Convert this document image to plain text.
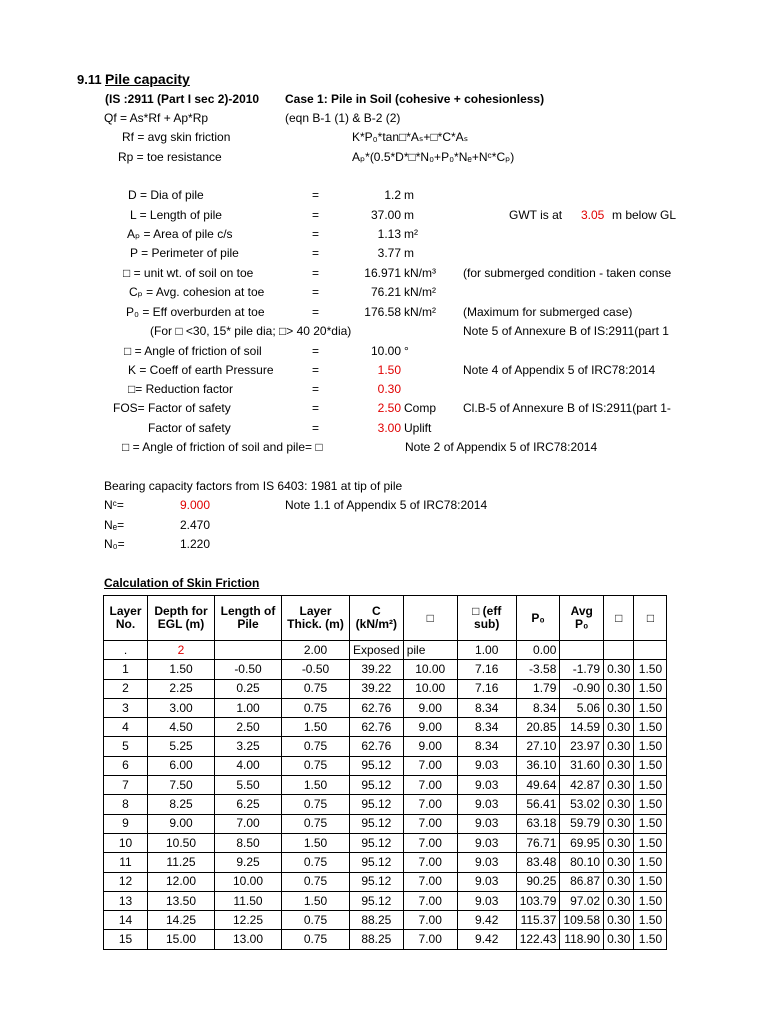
9.11 Pile capacity
(IS :2911 (Part I sec 2)-2010 Case 1: Pile in Soil (cohesive + cohesionless)
Qf = As*Rf + Ap*Rp	(eqn B-1 (1) & B-2 (2)
Rf = avg skin friction	K*P₀*tan□*Aₛ+□*C*Aₛ
Rp = toe resistance	Aₚ*(0.5*D*□*N₀+P₀*Nₑ+Nᶜ*Cₚ)
D = Dia of pile	=	1.2 m
GWT is at 3.05 m below GL
L = Length of pile	=	37.00 m
Aₚ = Area of pile c/s	=	1.13 m²
P = Perimeter of pile	=	3.77 m
□ = unit wt. of soil on toe	=	16.971 kN/m³ (for submerged condition - taken conse
Cₚ = Avg. cohesion at toe	=	76.21 kN/m²
P₀ = Eff overburden at toe	=	176.58 kN/m² (Maximum for submerged case)
(For □ <30, 15* pile dia; □> 40 20*dia)	Note 5 of Annexure B of IS:2911(part 1
□ = Angle of friction of soil	=	10.00 °
K = Coeff of earth Pressure	=	1.50	Note 4 of Appendix 5 of IRC78:2014
□= Reduction factor	=	0.30
FOS= Factor of safety	=	2.50 Comp Cl.B-5 of Annexure B of IS:2911(part 1-
Factor of safety	=	3.00 Uplift
□ = Angle of friction of soil and pile= □	Note 2 of Appendix 5 of IRC78:2014
Bearing capacity factors from IS 6403: 1981 at tip of pile
Nᶜ=	9.000	Note 1.1 of Appendix 5 of IRC78:2014
Nₑ=	2.470
N₀=	1.220
Calculation of Skin Friction
Layer No.	Depth for EGL (m)	Length of Pile	Layer Thick. (m)	C (kN/m²)	□	□ (eff sub)	P₀	Avg P₀	□	□
.	2		2.00	Exposed	pile	1.00	0.00			
1	1.50	-0.50	-0.50	39.22	10.00	7.16	-3.58	-1.79	0.30	1.50
2	2.25	0.25	0.75	39.22	10.00	7.16	1.79	-0.90	0.30	1.50
3	3.00	1.00	0.75	62.76	9.00	8.34	8.34	5.06	0.30	1.50
4	4.50	2.50	1.50	62.76	9.00	8.34	20.85	14.59	0.30	1.50
5	5.25	3.25	0.75	62.76	9.00	8.34	27.10	23.97	0.30	1.50
6	6.00	4.00	0.75	95.12	7.00	9.03	36.10	31.60	0.30	1.50
7	7.50	5.50	1.50	95.12	7.00	9.03	49.64	42.87	0.30	1.50
8	8.25	6.25	0.75	95.12	7.00	9.03	56.41	53.02	0.30	1.50
9	9.00	7.00	0.75	95.12	7.00	9.03	63.18	59.79	0.30	1.50
10	10.50	8.50	1.50	95.12	7.00	9.03	76.71	69.95	0.30	1.50
11	11.25	9.25	0.75	95.12	7.00	9.03	83.48	80.10	0.30	1.50
12	12.00	10.00	0.75	95.12	7.00	9.03	90.25	86.87	0.30	1.50
13	13.50	11.50	1.50	95.12	7.00	9.03	103.79	97.02	0.30	1.50
14	14.25	12.25	0.75	88.25	7.00	9.42	115.37	109.58	0.30	1.50
15	15.00	13.00	0.75	88.25	7.00	9.42	122.43	118.90	0.30	1.50
